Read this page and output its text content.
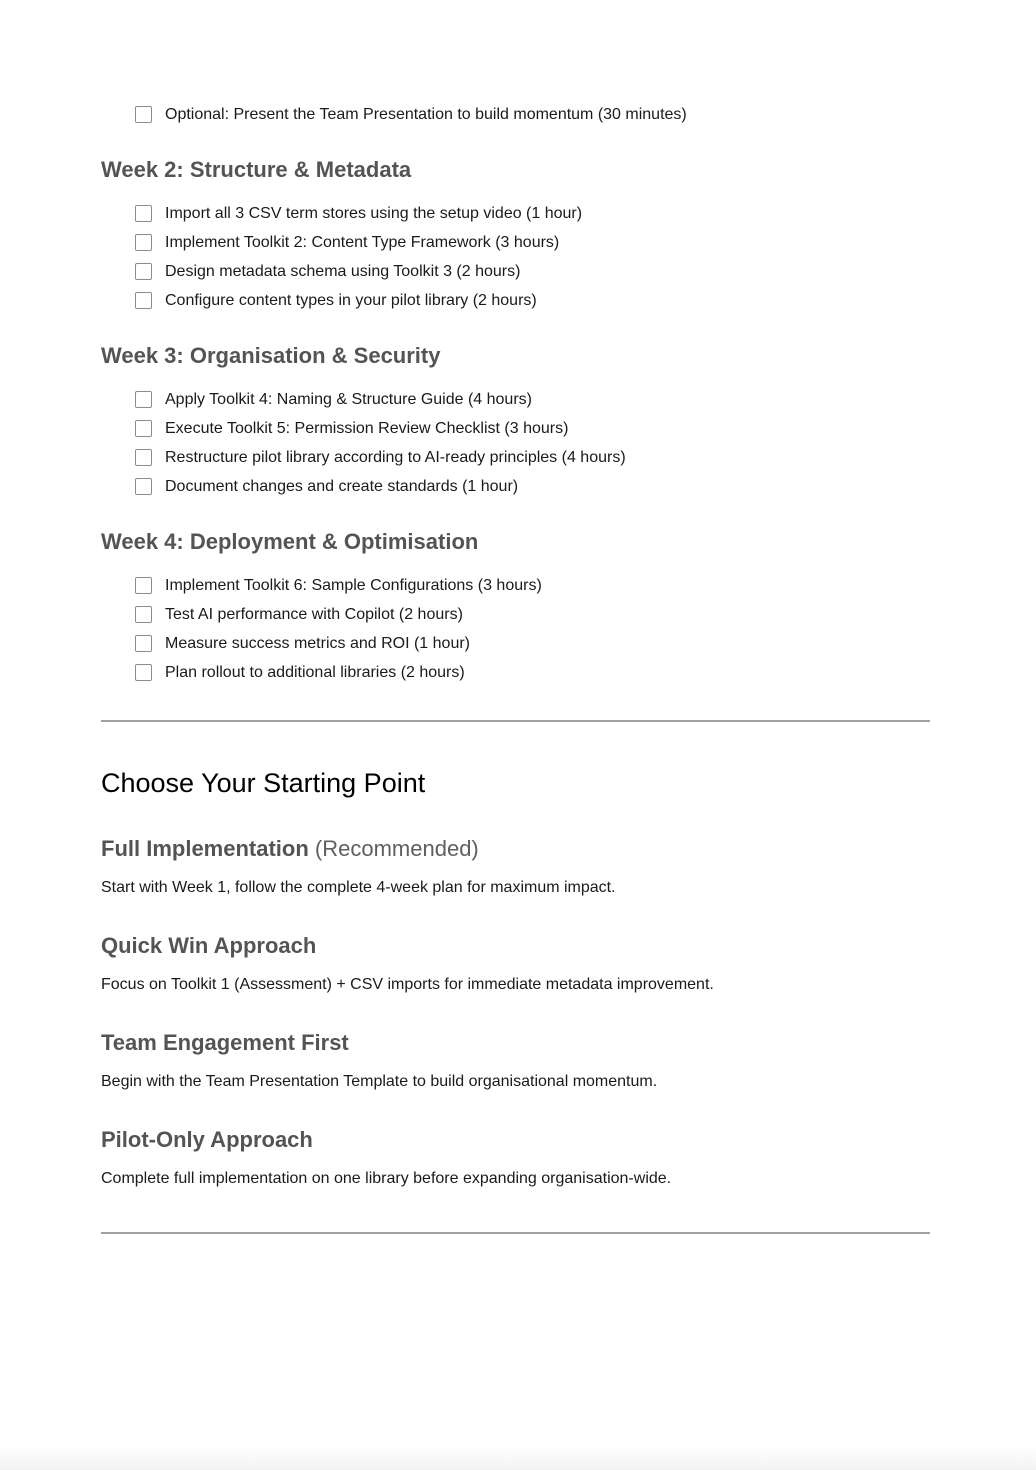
Optional: Present the Team Presentation to build momentum (30 minutes)
Week 2: Structure & Metadata
Import all 3 CSV term stores using the setup video (1 hour)
Implement Toolkit 2: Content Type Framework (3 hours)
Design metadata schema using Toolkit 3 (2 hours)
Configure content types in your pilot library (2 hours)
Week 3: Organisation & Security
Apply Toolkit 4: Naming & Structure Guide (4 hours)
Execute Toolkit 5: Permission Review Checklist (3 hours)
Restructure pilot library according to AI-ready principles (4 hours)
Document changes and create standards (1 hour)
Week 4: Deployment & Optimisation
Implement Toolkit 6: Sample Configurations (3 hours)
Test AI performance with Copilot (2 hours)
Measure success metrics and ROI (1 hour)
Plan rollout to additional libraries (2 hours)
Choose Your Starting Point
Full Implementation (Recommended)

Start with Week 1, follow the complete 4-week plan for maximum impact.

Quick Win Approach

Focus on Toolkit 1 (Assessment) + CSV imports for immediate metadata improvement.

Team Engagement First

Begin with the Team Presentation Template to build organisational momentum.

Pilot-Only Approach

Complete full implementation on one library before expanding organisation-wide.
